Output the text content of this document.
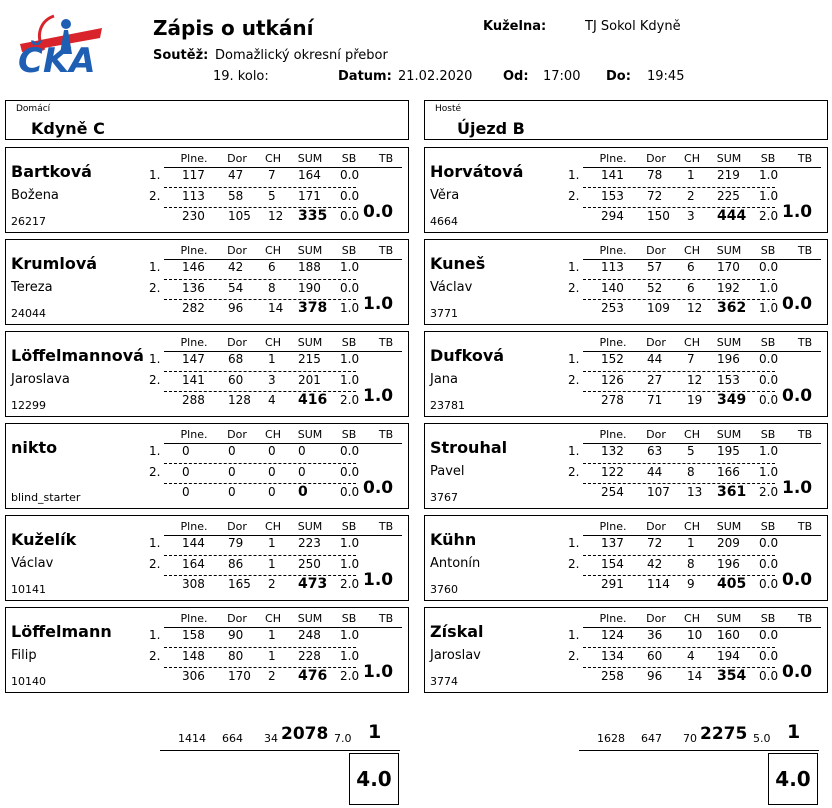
ČKA
Zápis o utkání	Kuželna:	TJ Sokol Kdyně
Soutěž: Domažlický okresní přebor
19. kolo:	Datum: 21.02.2020 Od: 17:00 Do: 19:45
Domácí
Kdyně C
Hosté
Újezd B
Bartková
Božena
26217
Plne.	Dor	CH	SUM	SB	TB
1. 117 47 7 164 0.0
2. 113 58 5 171 0.0
230 105 12 335 0.0 0.0
Krumlová
Tereza
24044
Plne.	Dor	CH	SUM	SB	TB
1. 146 42 6 188 1.0
2. 136 54 8 190 0.0
282 96 14 378 1.0 1.0
Löffelmannová
Jaroslava
12299
Plne.	Dor	CH	SUM	SB	TB
1. 147 68 1 215 1.0
2. 141 60 3 201 1.0
288 128 4 416 2.0 1.0
nikto
blind_starter
Plne.	Dor	CH	SUM	SB	TB
1. 0	0	0 0	0.0
2. 0	0	0 0	0.0
0	0	0 0	0.0 0.0
Kuželík
Václav
10141
Plne.	Dor	CH	SUM	SB	TB
1. 144 79 1 223 1.0
2. 164 86 1 250 1.0
308 165 2 473 2.0 1.0
Löffelmann
Filip
10140
Plne.	Dor	CH	SUM	SB	TB
1. 158 90 1 248 1.0
2. 148 80 1 228 1.0
306 170 2 476 2.0 1.0
Horvátová
Věra
4664
Plne.	Dor	CH	SUM	SB	TB
1. 141 78 1 219 1.0
2. 153 72 2 225 1.0
294 150 3 444 2.0 1.0
Kuneš
Václav
3771
Plne.	Dor	CH	SUM	SB	TB
1. 113 57 6 170 0.0
2. 140 52 6 192 1.0
253 109 12 362 1.0 0.0
Dufková
Jana
23781
Plne.	Dor	CH	SUM	SB	TB
1. 152 44 7 196 0.0
2. 126 27 12 153 0.0
278 71 19 349 0.0 0.0
Strouhal
Pavel
3767
Plne.	Dor	CH	SUM	SB	TB
1. 132 63 5 195 1.0
2. 122 44 8 166 1.0
254 107 13 361 2.0 1.0
Kühn
Antonín
3760
Plne.	Dor	CH	SUM	SB	TB
1. 137 72 1 209 0.0
2. 154 42 8 196 0.0
291 114 9 405 0.0 0.0
Získal
Jaroslav
3774
Plne.	Dor	CH	SUM	SB	TB
1. 124 36 10 160 0.0
2. 134 60 4 194 0.0
258 96 14 354 0.0 0.0
1414 664 34 2078 7.0 1
4.0
1628 647 70 2275 5.0 1
4.0
